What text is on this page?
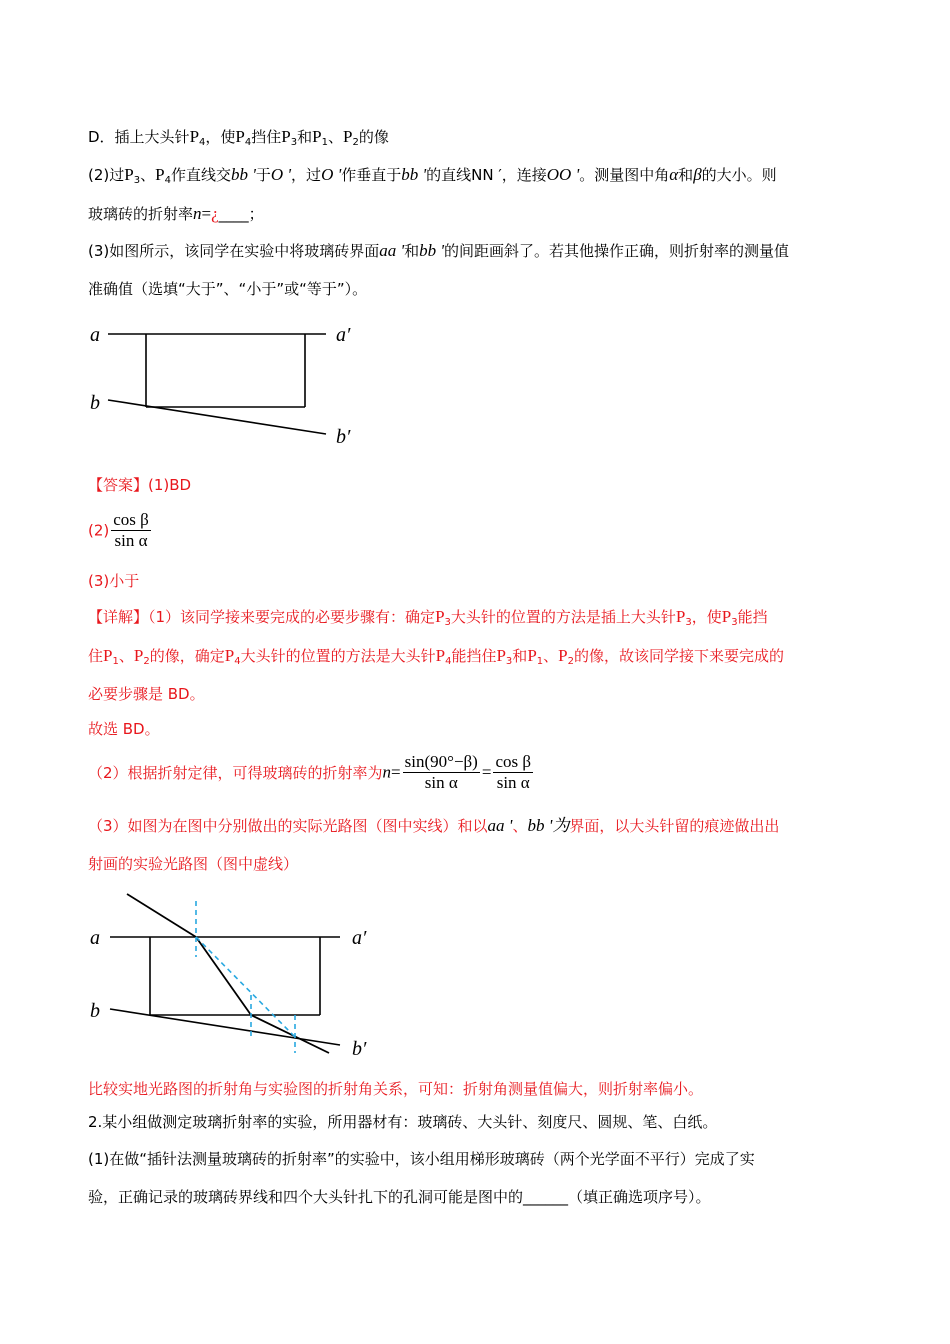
D．插上大头针$P_4$，使$P_4$挡住$P_3$和$P_1$、$P_2$的像
(2)过$P_3$、$P_4$作直线交bb '于O '，过O '作垂直于bb '的直线NN ′，连接OO '。测量图中角α和β的大小。则
玻璃砖的折射率n=¿____；
(3)如图所示，该同学在实验中将玻璃砖界面aa '和bb '的间距画斜了。若其他操作正确，则折射率的测量值
准确值（选填“大于”、“小于”或“等于”）。
a	a′
b
b′
【答案】(1)BD
$(2) \frac{\text{cos β}}{\text{sin α}}$
(3)小于
【详解】（1）该同学接来要完成的必要步骤有：确定$P_3$大头针的位置的方法是插上大头针$P_3$，使$P_3$能挡
住$P_1$、$P_2$的像，确定$P_4$大头针的位置的方法是大头针$P_4$能挡住$P_3$和$P_1$、$P_2$的像，故该同学接下来要完成的
必要步骤是 BD。
故选 BD。
（2）根据折射定律，可得玻璃砖的折射率为$n= \frac{\sin(90^\circ-\beta)}{\text{sin α}} = \frac{\text{cos β}}{\text{sin α}}$
（3）如图为在图中分别做出的实际光路图（图中实线）和以aa '、bb '为界面，以大头针留的痕迹做出出
射画的实验光路图（图中虚线）
a	a′
b
b′
比较实地光路图的折射角与实验图的折射角关系，可知：折射角测量值偏大，则折射率偏小。
2.某小组做测定玻璃折射率的实验，所用器材有：玻璃砖、大头针、刻度尺、圆规、笔、白纸。
(1)在做“插针法测量玻璃砖的折射率”的实验中，该小组用梯形玻璃砖（两个光学面不平行）完成了实
验，正确记录的玻璃砖界线和四个大头针扎下的孔洞可能是图中的______（填正确选项序号）。
